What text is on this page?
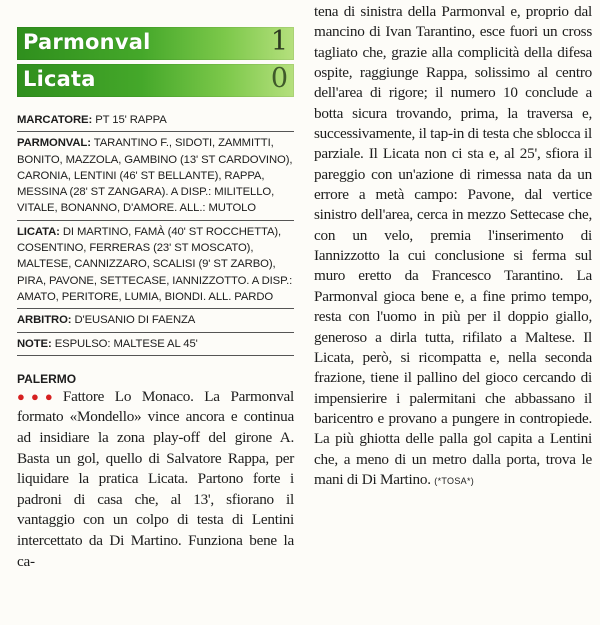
Parmonval	1
Licata	0
MARCATORE: PT 15' RAPPA
PARMONVAL: TARANTINO F., SIDOTI, ZAMMITTI, BONITO, MAZZOLA, GAMBINO (13' ST CARDOVINO), CARONIA, LENTINI (46' ST BELLANTE), RAPPA, MESSINA (28' ST ZANGARA). A DISP.: MILITELLO, VITALE, BONANNO, D'AMORE. ALL.: MUTOLO
LICATA: DI MARTINO, FAMÀ (40' ST ROCCHETTA), COSENTINO, FERRERAS (23' ST MOSCATO), MALTESE, CANNIZZARO, SCALISI (9' ST ZARBO), PIRA, PAVONE, SETTECASE, IANNIZZOTTO. A DISP.: AMATO, PERITORE, LUMIA, BIONDI. ALL. PARDO
ARBITRO: D'EUSANIO DI FAENZA
NOTE: ESPULSO: MALTESE AL 45'
PALERMO
●●● Fattore Lo Monaco. La Parmonval formato «Mondello» vince ancora e continua ad insidiare la zona play-off del girone A. Basta un gol, quello di Salvatore Rappa, per liquidare la pratica Licata. Partono forte i padroni di casa che, al 13', sfiorano il vantaggio con un colpo di testa di Lentini intercettato da Di Martino. Funziona bene la ca-
tena di sinistra della Parmonval e, proprio dal mancino di Ivan Tarantino, esce fuori un cross tagliato che, grazie alla complicità della difesa ospite, raggiunge Rappa, solissimo al centro dell'area di rigore; il numero 10 conclude a botta sicura trovando, prima, la traversa e, successivamente, il tap-in di testa che sblocca il parziale. Il Licata non ci sta e, al 25', sfiora il pareggio con un'azione di rimessa nata da un errore a metà campo: Pavone, dal vertice sinistro dell'area, cerca in mezzo Settecase che, con un velo, premia l'inserimento di Iannizzotto la cui conclusione si ferma sul muro eretto da Francesco Tarantino. La Parmonval gioca bene e, a fine primo tempo, resta con l'uomo in più per il doppio giallo, generoso a dirla tutta, rifilato a Maltese. Il Licata, però, si ricompatta e, nella seconda frazione, tiene il pallino del gioco cercando di impensierire i palermitani che abbassano il baricentro e provano a pungere in contropiede. La più ghiotta delle palla gol capita a Lentini che, a meno di un metro dalla porta, trova le mani di Di Martino. (*TOSA*)
